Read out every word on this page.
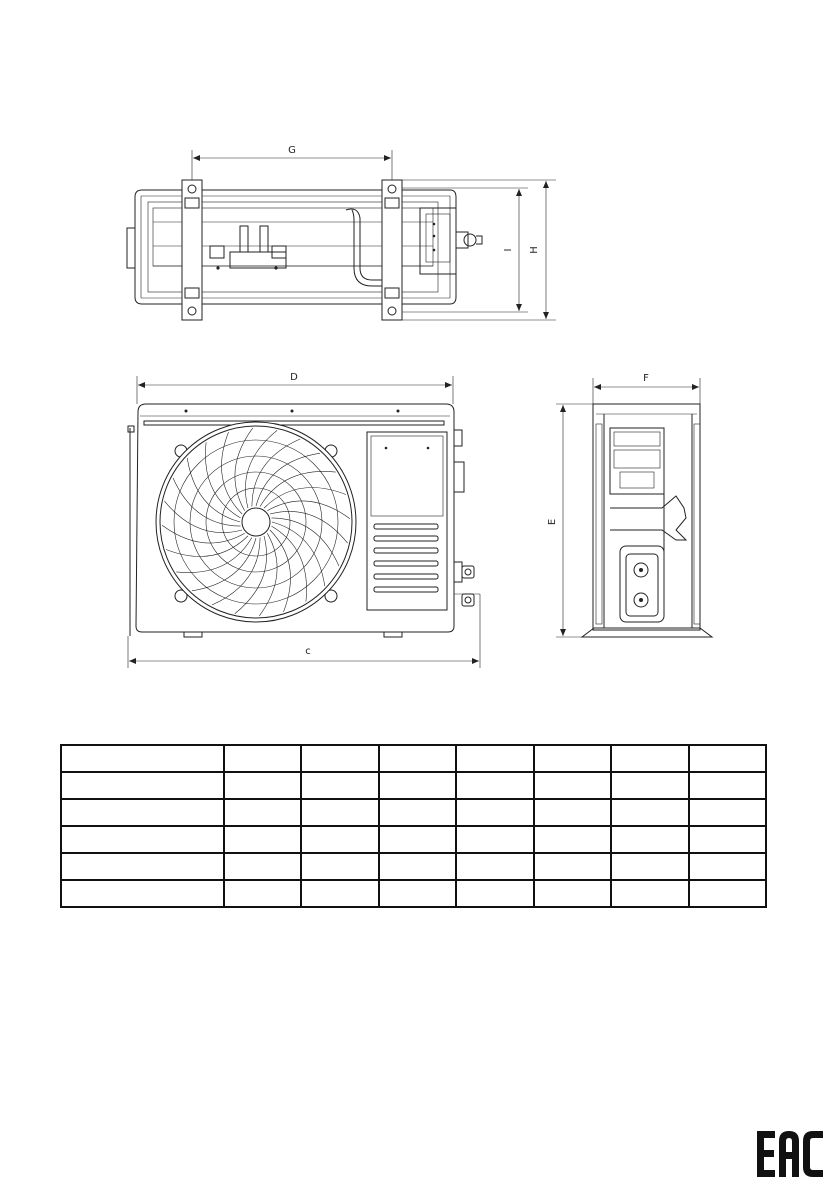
G
I H
D
c
F
E
